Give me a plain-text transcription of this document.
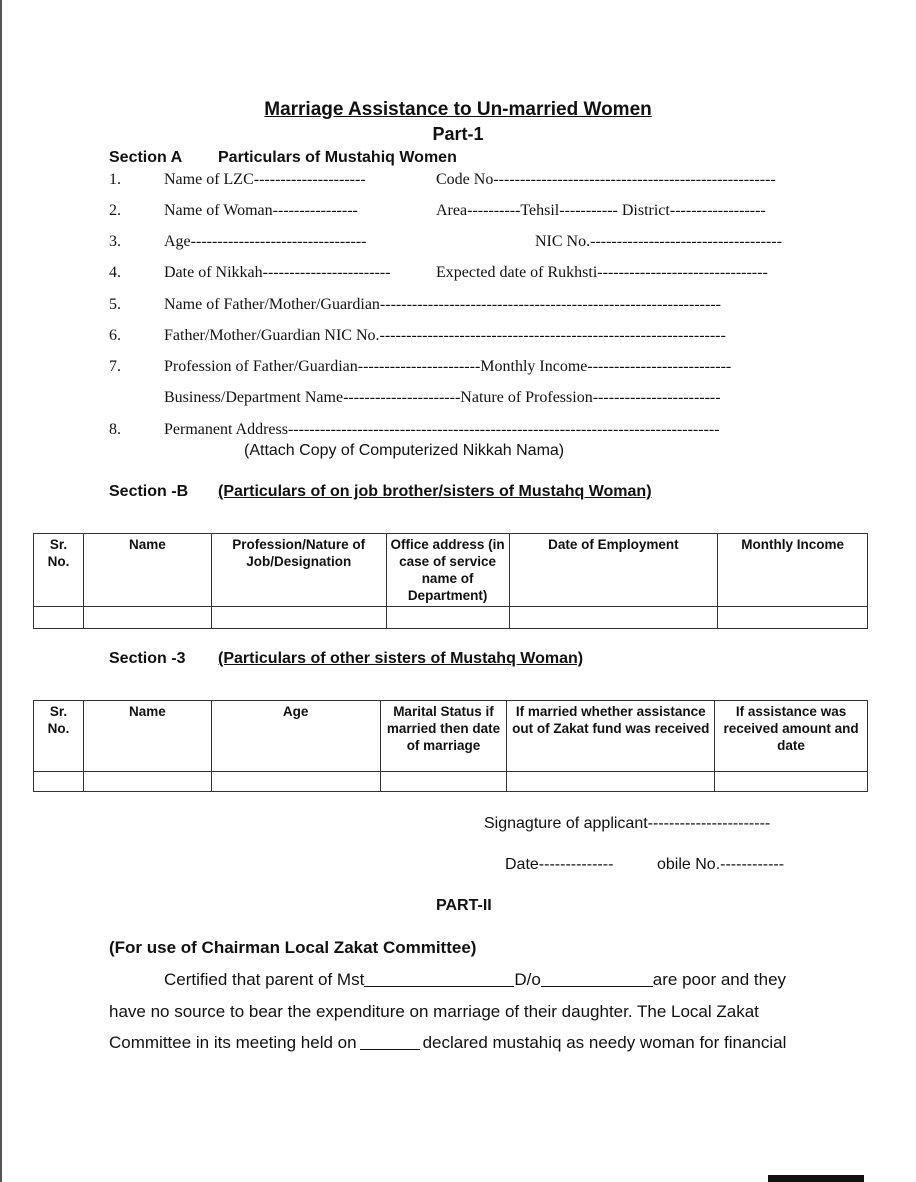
Marriage Assistance to Un-married Women
Part-1
Section A Particulars of Mustahiq Women
1.	Name of LZC---------------------	Code No-----------------------------------------------------
2.	Name of Woman----------------	Area----------Tehsil----------- District------------------
3.	Age---------------------------------	NIC No.------------------------------------
4.	Date of Nikkah------------------------	Expected date of Rukhsti--------------------------------
5.	Name of Father/Mother/Guardian----------------------------------------------------------------
6.	Father/Mother/Guardian NIC No.-----------------------------------------------------------------
7.	Profession of Father/Guardian-----------------------Monthly Income---------------------------
Business/Department Name----------------------Nature of Profession------------------------
8.	Permanent Address---------------------------------------------------------------------------------
(Attach Copy of Computerized Nikkah Nama)
Section -B (Particulars of on job brother/sisters of Mustahq Woman)
Sr. No.	Name	Profession/Nature of Job/Designation	Office address (in case of service name of Department)	Date of Employment	Monthly Income

Section -3 (Particulars of other sisters of Mustahq Woman)
Sr. No.	Name	Age	Marital Status if married then date of marriage	If married whether assistance out of Zakat fund was received	If assistance was received amount and date

Signagture of applicant-----------------------
Date--------------	obile No.------------
PART-II
(For use of Chairman Local Zakat Committee)
Certified that parent of Mst	D/o	are poor and they
have no source to bear the expenditure on marriage of their daughter. The Local Zakat
Committee in its meeting held on	declared mustahiq as needy woman for financial
